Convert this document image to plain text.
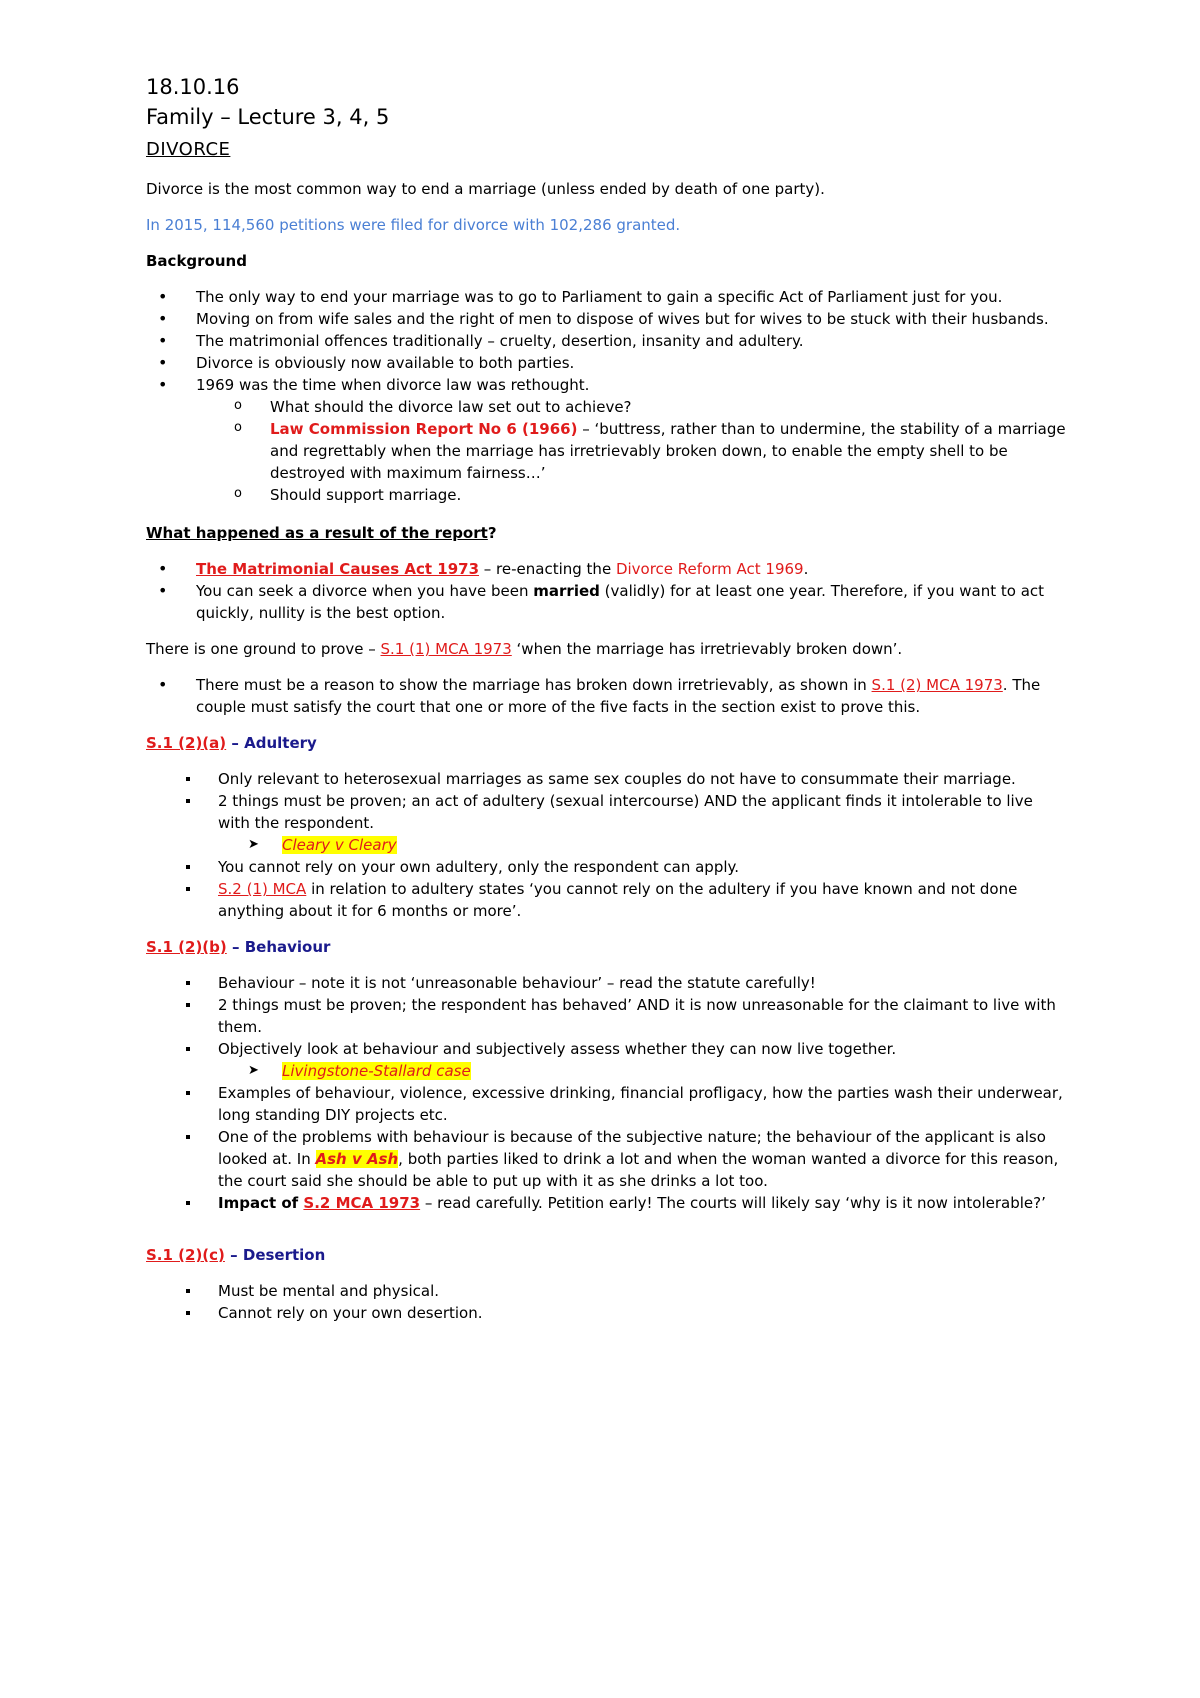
18.10.16
Family – Lecture 3, 4, 5
DIVORCE

Divorce is the most common way to end a marriage (unless ended by death of one party).

In 2015, 114,560 petitions were filed for divorce with 102,286 granted.

Background

• The only way to end your marriage was to go to Parliament to gain a specific Act of Parliament just for you.
• Moving on from wife sales and the right of men to dispose of wives but for wives to be stuck with their husbands.
• The matrimonial offences traditionally – cruelty, desertion, insanity and adultery.
• Divorce is obviously now available to both parties.
• 1969 was the time when divorce law was rethought.
o What should the divorce law set out to achieve?
o Law Commission Report No 6 (1966) – ‘buttress, rather than to undermine, the stability of a marriage and regrettably when the marriage has irretrievably broken down, to enable the empty shell to be destroyed with maximum fairness…’
o Should support marriage.

What happened as a result of the report?

• The Matrimonial Causes Act 1973 – re-enacting the Divorce Reform Act 1969.
• You can seek a divorce when you have been married (validly) for at least one year. Therefore, if you want to act quickly, nullity is the best option.

There is one ground to prove – S.1 (1) MCA 1973 ‘when the marriage has irretrievably broken down’.

• There must be a reason to show the marriage has broken down irretrievably, as shown in S.1 (2) MCA 1973. The couple must satisfy the court that one or more of the five facts in the section exist to prove this.

S.1 (2)(a) – Adultery

Only relevant to heterosexual marriages as same sex couples do not have to consummate their marriage.
2 things must be proven; an act of adultery (sexual intercourse) AND the applicant finds it intolerable to live with the respondent.
➤ Cleary v Cleary
You cannot rely on your own adultery, only the respondent can apply.
S.2 (1) MCA in relation to adultery states ‘you cannot rely on the adultery if you have known and not done anything about it for 6 months or more’.

S.1 (2)(b) – Behaviour

Behaviour – note it is not ‘unreasonable behaviour’ – read the statute carefully!
2 things must be proven; the respondent has behaved’ AND it is now unreasonable for the claimant to live with them.
Objectively look at behaviour and subjectively assess whether they can now live together.
➤ Livingstone-Stallard case
Examples of behaviour, violence, excessive drinking, financial profligacy, how the parties wash their underwear, long standing DIY projects etc.
One of the problems with behaviour is because of the subjective nature; the behaviour of the applicant is also looked at. In Ash v Ash, both parties liked to drink a lot and when the woman wanted a divorce for this reason, the court said she should be able to put up with it as she drinks a lot too.
Impact of S.2 MCA 1973 – read carefully. Petition early! The courts will likely say ‘why is it now intolerable?’

S.1 (2)(c) – Desertion

Must be mental and physical.
Cannot rely on your own desertion.
